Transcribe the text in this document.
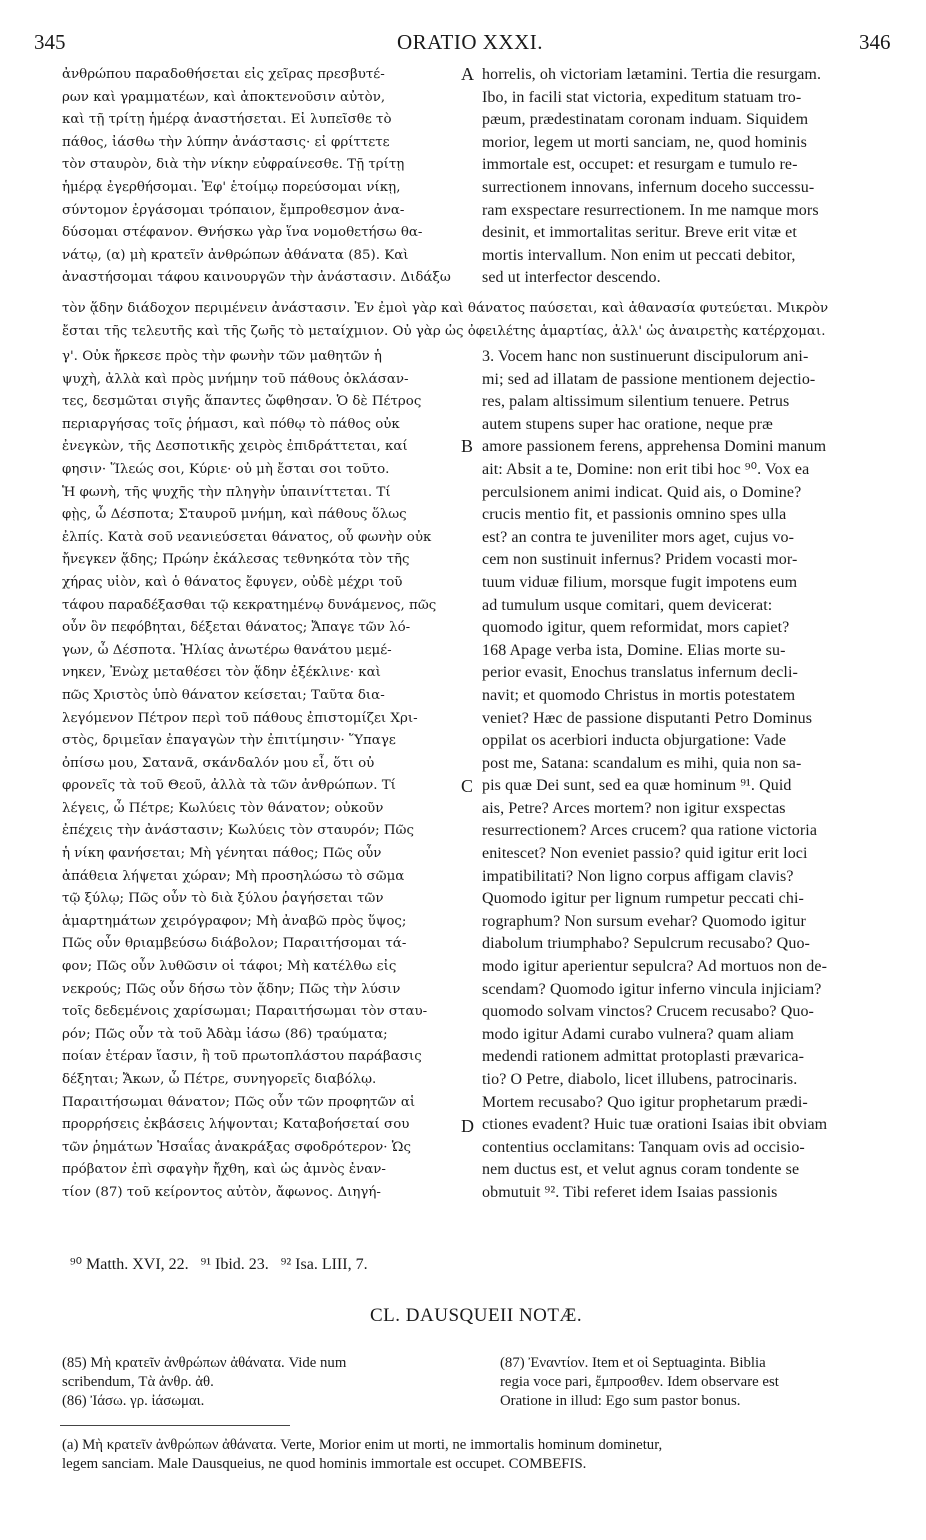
345	ORATIO XXXI.	346
ἀνθρώπου παραδοθήσεται εἰς χεῖρας πρεσβυτέ-
ρων καὶ γραμματέων, καὶ ἀποκτενοῦσιν αὐτὸν,
καὶ τῇ τρίτῃ ἡμέρᾳ ἀναστήσεται. Εἰ λυπεῖσθε τὸ
πάθος, ἰάσθω τὴν λύπην ἀνάστασις· εἰ φρίττετε
τὸν σταυρὸν, διὰ τὴν νίκην εὐφραίνεσθε. Τῇ τρίτῃ
ἡμέρᾳ ἐγερθήσομαι. Ἐφ' ἑτοίμῳ πορεύσομαι νίκῃ,
σύντομον ἐργάσομαι τρόπαιον, ἔμπροθεσμον ἀνα-
δύσομαι στέφανον. Θνήσκω γὰρ ἵνα νομοθετήσω θα-
νάτῳ, (α) μὴ κρατεῖν ἀνθρώπων ἀθάνατα (85). Καὶ
ἀναστήσομαι τάφου καινουργῶν τὴν ἀνάστασιν. Διδάξω
A horrelis, oh victoriam lætamini. Tertia die resurgam.
Ibo, in facili stat victoria, expeditum statuam tro-
pæum, prædestinatam coronam induam. Siquidem
morior, legem ut morti sanciam, ne, quod hominis
immortale est, occupet: et resurgam e tumulo re-
surrectionem innovans, infernum doceho successu-
ram exspectare resurrectionem. In me namque mors
desinit, et immortalitas seritur. Breve erit vitæ et
mortis intervallum. Non enim ut peccati debitor,
sed ut interfector descendo.
τὸν ᾅδην διάδοχον περιμένειν ἀνάστασιν. Ἐν ἐμοὶ γὰρ καὶ θάνατος παύσεται, καὶ ἀθανασία φυτεύεται. Μικρὸν
ἔσται τῆς τελευτῆς καὶ τῆς ζωῆς τὸ μεταίχμιον. Οὐ γὰρ ὡς ὀφειλέτης ἁμαρτίας, ἀλλ' ὡς ἀναιρετὴς κατέρχομαι.
γ'. Οὐκ ἤρκεσε πρὸς τὴν φωνὴν τῶν μαθητῶν ἡ
ψυχὴ, ἀλλὰ καὶ πρὸς μνήμην τοῦ πάθους ὀκλάσαν-
τες, δεσμῶται σιγῆς ἅπαντες ὤφθησαν. Ὁ δὲ Πέτρος
περιαργήσας τοῖς ῥήμασι, καὶ πόθῳ τὸ πάθος οὐκ
ἐνεγκὼν, τῆς Δεσποτικῆς χειρὸς ἐπιδράττεται, καί
φησιν· Ἵλεώς σοι, Κύριε· οὐ μὴ ἔσται σοι τοῦτο.
Ἡ φωνὴ, τῆς ψυχῆς τὴν πληγὴν ὑπαινίττεται. Τί
φῂς, ὦ Δέσποτα; Σταυροῦ μνήμη, καὶ πάθους ὅλως
ἐλπίς. Κατὰ σοῦ νεανιεύσεται θάνατος, οὗ φωνὴν οὐκ
ἤνεγκεν ᾅδης; Πρώην ἐκάλεσας τεθνηκότα τὸν τῆς
χήρας υἱὸν, καὶ ὁ θάνατος ἔφυγεν, οὐδὲ μέχρι τοῦ
τάφου παραδέξασθαι τῷ κεκρατημένῳ δυνάμενος, πῶς
οὖν ὃν πεφόβηται, δέξεται θάνατος; Ἄπαγε τῶν λό-
γων, ὦ Δέσποτα. Ἠλίας ἀνωτέρω θανάτου μεμέ-
νηκεν, Ἐνὼχ μεταθέσει τὸν ᾅδην ἐξέκλινε· καὶ
πῶς Χριστὸς ὑπὸ θάνατον κείσεται; Ταῦτα δια-
λεγόμενον Πέτρον περὶ τοῦ πάθους ἐπιστομίζει Χρι-
στὸς, δριμεῖαν ἐπαγαγὼν τὴν ἐπιτίμησιν· Ὕπαγε
ὀπίσω μου, Σατανᾶ, σκάνδαλόν μου εἶ, ὅτι οὐ
φρονεῖς τὰ τοῦ Θεοῦ, ἀλλὰ τὰ τῶν ἀνθρώπων. Τί
λέγεις, ὦ Πέτρε; Κωλύεις τὸν θάνατον; οὐκοῦν
ἐπέχεις τὴν ἀνάστασιν; Κωλύεις τὸν σταυρόν; Πῶς
ἡ νίκη φανήσεται; Μὴ γένηται πάθος; Πῶς οὖν
ἀπάθεια λήψεται χώραν; Μὴ προσηλώσω τὸ σῶμα
τῷ ξύλῳ; Πῶς οὖν τὸ διὰ ξύλου ῥαγήσεται τῶν
ἁμαρτημάτων χειρόγραφον; Μὴ ἀναβῶ πρὸς ὕψος;
Πῶς οὖν θριαμβεύσω διάβολον; Παραιτήσομαι τά-
φον; Πῶς οὖν λυθῶσιν οἱ τάφοι; Μὴ κατέλθω εἰς
νεκρούς; Πῶς οὖν δήσω τὸν ᾅδην; Πῶς τὴν λύσιν
τοῖς δεδεμένοις χαρίσωμαι; Παραιτήσωμαι τὸν σταυ-
ρόν; Πῶς οὖν τὰ τοῦ Ἀδὰμ ἰάσω (86) τραύματα;
ποίαν ἑτέραν ἴασιν, ἢ τοῦ πρωτοπλάστου παράβασις
δέξηται; Ἄκων, ὦ Πέτρε, συνηγορεῖς διαβόλῳ.
Παραιτήσωμαι θάνατον; Πῶς οὖν τῶν προφητῶν αἱ
προρρήσεις ἐκβάσεις λήψονται; Καταβοήσεταί σου
τῶν ῥημάτων Ἡσαΐας ἀνακράξας σφοδρότερον· Ὡς
πρόβατον ἐπὶ σφαγὴν ἤχθη, καὶ ὡς ἀμνὸς ἐναν-
τίον (87) τοῦ κείροντος αὐτὸν, ἄφωνος. Διηγή-
B
C
D
3. Vocem hanc non sustinuerunt discipulorum ani-
mi; sed ad illatam de passione mentionem dejectio-
res, palam altissimum silentium tenuere. Petrus
autem stupens super hac oratione, neque præ
amore passionem ferens, apprehensa Domini manum
ait: Absit a te, Domine: non erit tibi hoc ⁹⁰. Vox ea
perculsionem animi indicat. Quid ais, o Domine?
crucis mentio fit, et passionis omnino spes ulla
est? an contra te juveniliter mors aget, cujus vo-
cem non sustinuit infernus? Pridem vocasti mor-
tuum viduæ filium, morsque fugit impotens eum
ad tumulum usque comitari, quem devicerat:
quomodo igitur, quem reformidat, mors capiet?
168 Apage verba ista, Domine. Elias morte su-
perior evasit, Enochus translatus infernum decli-
navit; et quomodo Christus in mortis potestatem
veniet? Hæc de passione disputanti Petro Dominus
oppilat os acerbiori inducta objurgatione: Vade
post me, Satana: scandalum es mihi, quia non sa-
pis quæ Dei sunt, sed ea quæ hominum ⁹¹. Quid
ais, Petre? Arces mortem? non igitur exspectas
resurrectionem? Arces crucem? qua ratione victoria
enitescet? Non eveniet passio? quid igitur erit loci
impatibilitati? Non ligno corpus affigam clavis?
Quomodo igitur per lignum rumpetur peccati chi-
rographum? Non sursum evehar? Quomodo igitur
diabolum triumphabo? Sepulcrum recusabo? Quo-
modo igitur aperientur sepulcra? Ad mortuos non de-
scendam? Quomodo igitur inferno vincula injiciam?
quomodo solvam vinctos? Crucem recusabo? Quo-
modo igitur Adami curabo vulnera? quam aliam
medendi rationem admittat protoplasti prævarica-
tio? O Petre, diabolo, licet illubens, patrocinaris.
Mortem recusabo? Quo igitur prophetarum prædi-
ctiones evadent? Huic tuæ orationi Isaias ibit obviam
contentius occlamitans: Tanquam ovis ad occisio-
nem ductus est, et velut agnus coram tondente se
obmutuit ⁹². Tibi referet idem Isaias passionis
⁹⁰ Matth. XVI, 22.   ⁹¹ Ibid. 23.   ⁹² Isa. LIII, 7.
CL. DAUSQUEII NOTÆ.
(85) Μὴ κρατεῖν ἀνθρώπων ἀθάνατα. Vide num
scribendum, Τὰ ἀνθρ. ἀθ.
(86) Ἰάσω. γρ. ἰάσωμαι.
(87) Ἐναντίον. Item et οἱ Septuaginta. Biblia
regia voce pari, ἔμπροσθεν. Idem observare est
Oratione in illud: Ego sum pastor bonus.
(a) Μὴ κρατεῖν ἀνθρώπων ἀθάνατα. Verte, Morior enim ut morti, ne immortalis hominum dominetur,
legem sanciam. Male Dausqueius, ne quod hominis immortale est occupet. COMBEFIS.
